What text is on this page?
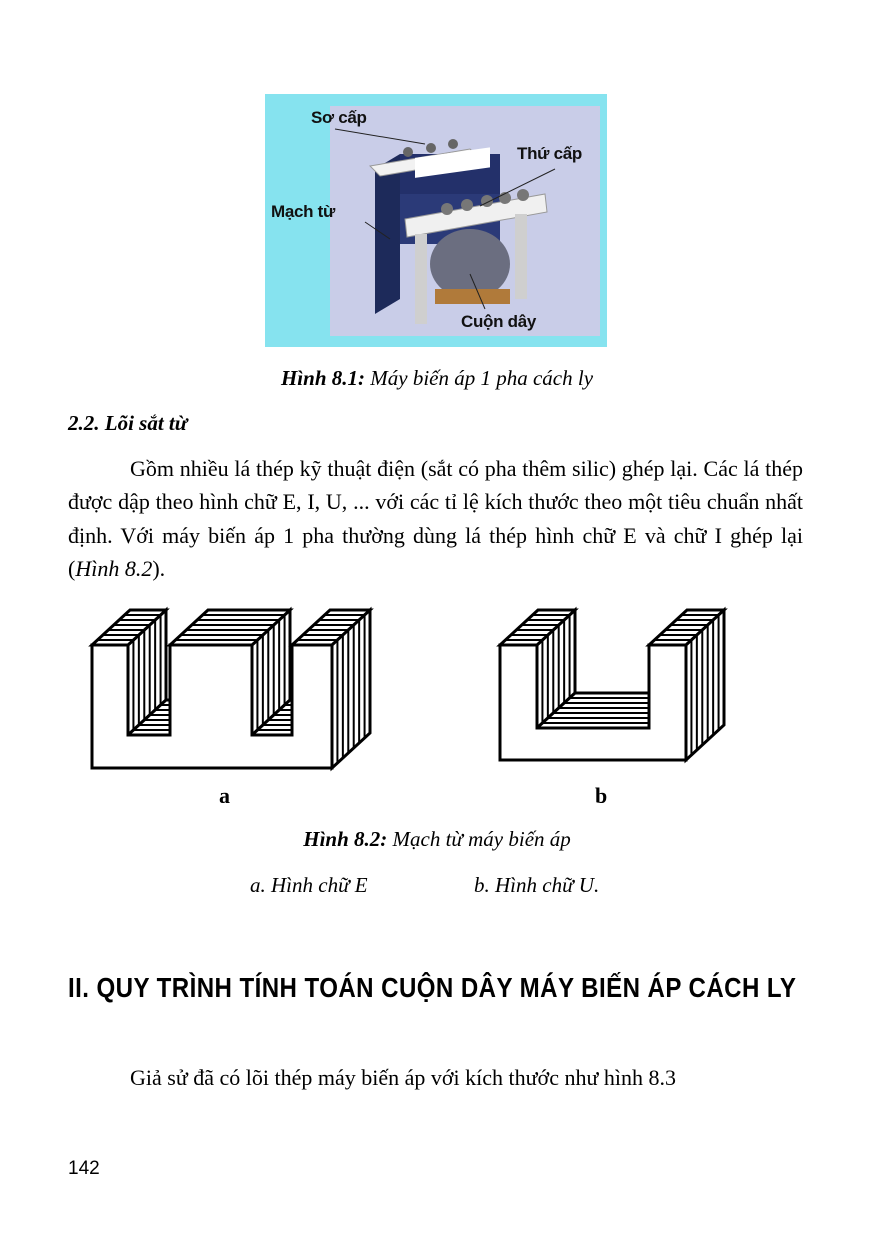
Sơ cấp
Thứ cấp
Mạch từ
Cuộn dây
Hình 8.1: Máy biến áp 1 pha cách ly
2.2. Lõi sắt từ

Gồm nhiều lá thép kỹ thuật điện (sắt có pha thêm silic) ghép lại. Các lá thép được dập theo hình chữ E, I, U, ... với các tỉ lệ kích thước theo một tiêu chuẩn nhất định. Với máy biến áp 1 pha thường dùng lá thép hình chữ E và chữ I ghép lại (Hình 8.2).

a	b
Hình 8.2: Mạch từ máy biến áp
a. Hình chữ E	b. Hình chữ U.
II. QUY TRÌNH TÍNH TOÁN CUỘN DÂY MÁY BIẾN ÁP CÁCH LY

Giả sử đã có lõi thép máy biến áp với kích thước như hình 8.3

142
